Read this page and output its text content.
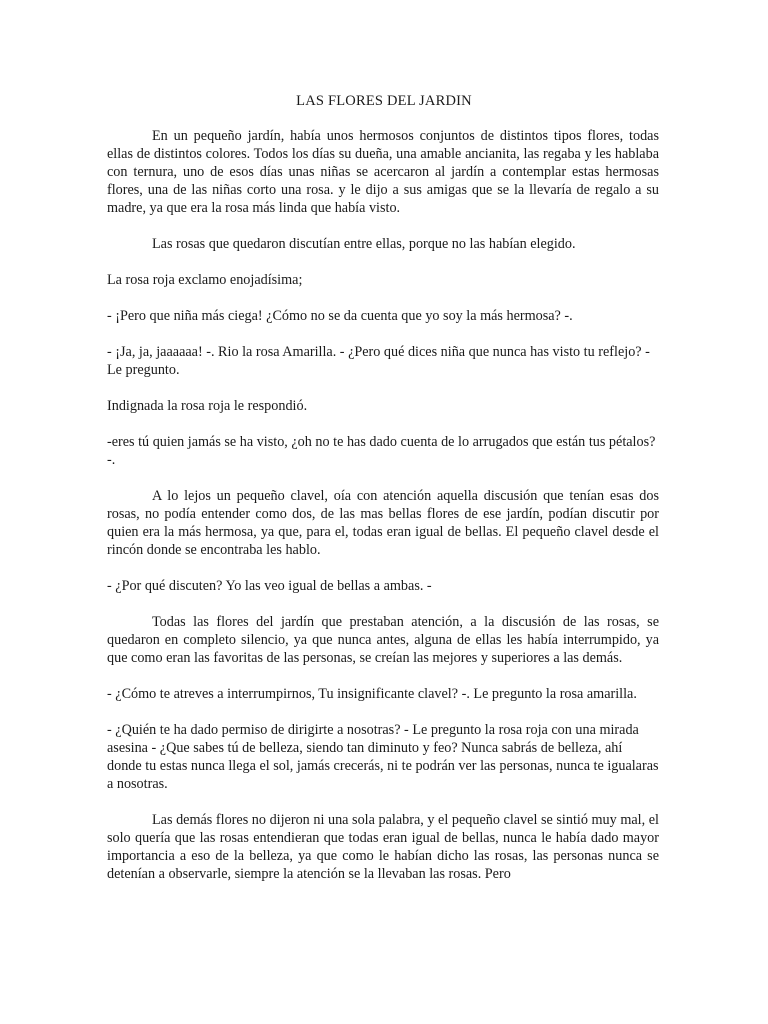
LAS FLORES DEL JARDIN

En un pequeño jardín, había unos hermosos conjuntos de distintos tipos flores, todas ellas de distintos colores. Todos los días su dueña, una amable ancianita, las regaba y les hablaba con ternura, uno de esos días unas niñas se acercaron al jardín a contemplar estas hermosas flores, una de las niñas corto una rosa. y le dijo a sus amigas que se la llevaría de regalo a su madre, ya que era la rosa más linda que había visto.

Las rosas que quedaron discutían entre ellas, porque no las habían elegido.

La rosa roja exclamo enojadísima;

- ¡Pero que niña más ciega! ¿Cómo no se da cuenta que yo soy la más hermosa? -.

- ¡Ja, ja, jaaaaaa! -. Rio la rosa Amarilla. - ¿Pero qué dices niña que nunca has visto tu reflejo? - Le pregunto.

Indignada la rosa roja le respondió.

-eres tú quien jamás se ha visto, ¿oh no te has dado cuenta de lo arrugados que están tus pétalos? -.

A lo lejos un pequeño clavel, oía con atención aquella discusión que tenían esas dos rosas, no podía entender como dos, de las mas bellas flores de ese jardín, podían discutir por quien era la más hermosa, ya que, para el, todas eran igual de bellas. El pequeño clavel desde el rincón donde se encontraba les hablo.

- ¿Por qué discuten? Yo las veo igual de bellas a ambas. -

Todas las flores del jardín que prestaban atención, a la discusión de las rosas, se quedaron en completo silencio, ya que nunca antes, alguna de ellas les había interrumpido, ya que como eran las favoritas de las personas, se creían las mejores y superiores a las demás.

- ¿Cómo te atreves a interrumpirnos, Tu insignificante clavel? -. Le pregunto la rosa amarilla.

- ¿Quién te ha dado permiso de dirigirte a nosotras? - Le pregunto la rosa roja con una mirada asesina - ¿Que sabes tú de belleza, siendo tan diminuto y feo? Nunca sabrás de belleza, ahí donde tu estas nunca llega el sol, jamás crecerás, ni te podrán ver las personas, nunca te igualaras a nosotras.

Las demás flores no dijeron ni una sola palabra, y el pequeño clavel se sintió muy mal, el solo quería que las rosas entendieran que todas eran igual de bellas, nunca le había dado mayor importancia a eso de la belleza, ya que como le habían dicho las rosas, las personas nunca se detenían a observarle, siempre la atención se la llevaban las rosas. Pero
